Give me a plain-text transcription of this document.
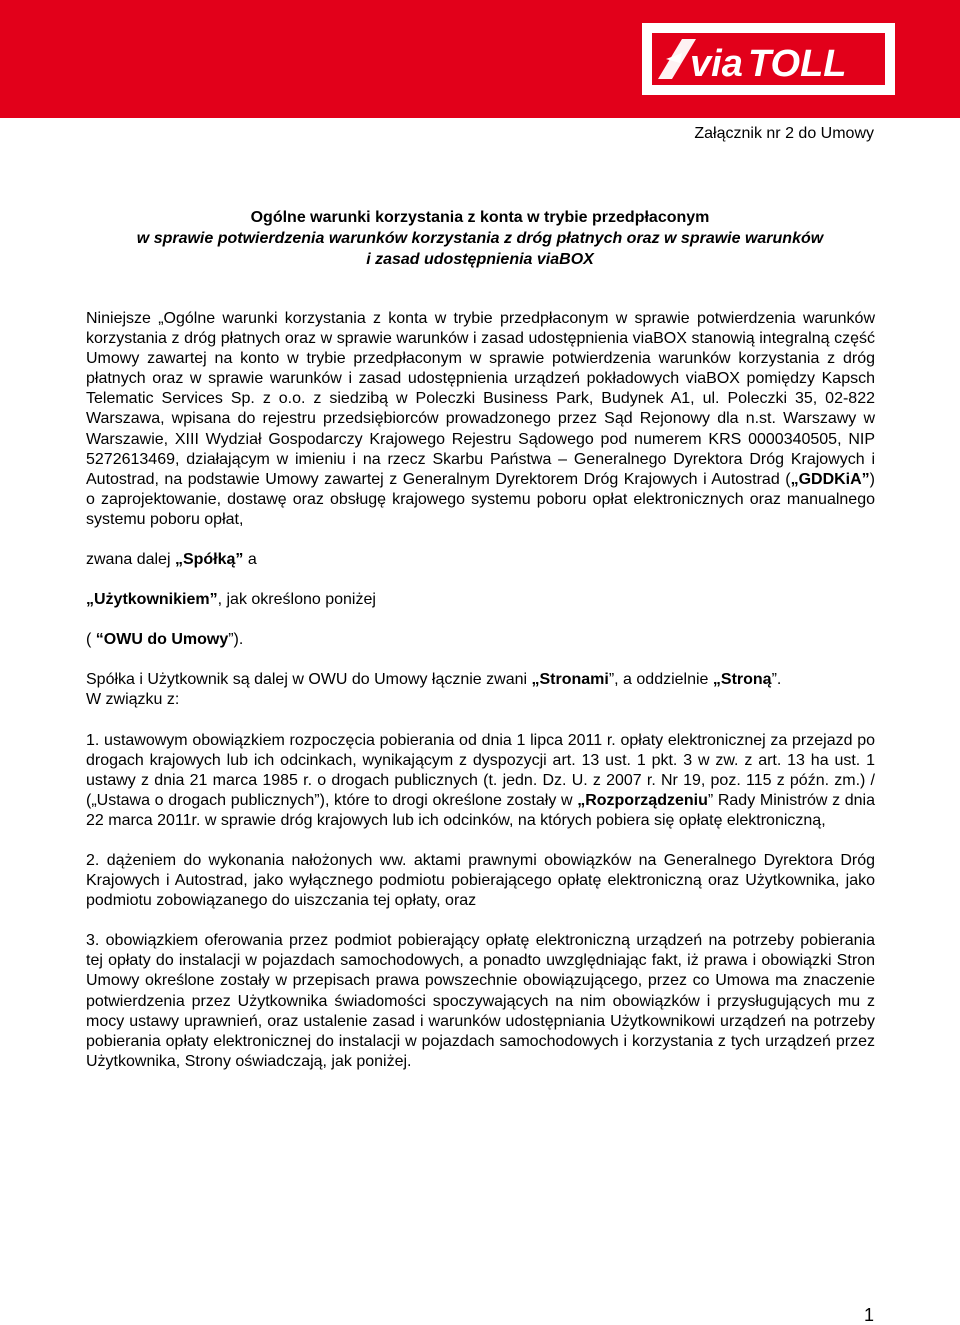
via TOLL
Załącznik nr 2 do Umowy
Ogólne warunki korzystania z konta w trybie przedpłaconym
w sprawie potwierdzenia warunków korzystania z dróg płatnych oraz w sprawie warunków
i zasad udostępnienia viaBOX

Niniejsze „Ogólne warunki korzystania z konta w trybie przedpłaconym w sprawie potwierdzenia warunków korzystania z dróg płatnych oraz w sprawie warunków i zasad udostępnienia viaBOX stanowią integralną część Umowy zawartej na konto w trybie przedpłaconym w sprawie potwierdzenia warunków korzystania z dróg płatnych oraz w sprawie warunków i zasad udostępnienia urządzeń pokładowych viaBOX pomiędzy Kapsch Telematic Services Sp. z o.o. z siedzibą w Poleczki Business Park, Budynek A1, ul. Poleczki 35, 02-822 Warszawa, wpisana do rejestru przedsiębiorców prowadzonego przez Sąd Rejonowy dla n.st. Warszawy w Warszawie, XIII Wydział Gospodarczy Krajowego Rejestru Sądowego pod numerem KRS 0000340505, NIP 5272613469, działającym w imieniu i na rzecz Skarbu Państwa – Generalnego Dyrektora Dróg Krajowych i Autostrad, na podstawie Umowy zawartej z Generalnym Dyrektorem Dróg Krajowych i Autostrad („GDDKiA”) o zaprojektowanie, dostawę oraz obsługę krajowego systemu poboru opłat elektronicznych oraz manualnego systemu poboru opłat,

zwana dalej „Spółką” a

„Użytkownikiem”, jak określono poniżej

( “OWU do Umowy”).

Spółka i Użytkownik są dalej w OWU do Umowy łącznie zwani „Stronami”, a oddzielnie „Stroną”.

W związku z:

1. ustawowym obowiązkiem rozpoczęcia pobierania od dnia 1 lipca 2011 r. opłaty elektronicznej za przejazd po drogach krajowych lub ich odcinkach, wynikającym z dyspozycji art. 13 ust. 1 pkt. 3 w zw. z art. 13 ha ust. 1 ustawy z dnia 21 marca 1985 r. o drogach publicznych (t. jedn. Dz. U. z 2007 r. Nr 19, poz. 115 z późn. zm.) / („Ustawa o drogach publicznych”), które to drogi określone zostały w „Rozporządzeniu” Rady Ministrów z dnia 22 marca 2011r. w sprawie dróg krajowych lub ich odcinków, na których pobiera się opłatę elektroniczną,

2. dążeniem do wykonania nałożonych ww. aktami prawnymi obowiązków na Generalnego Dyrektora Dróg Krajowych i Autostrad, jako wyłącznego podmiotu pobierającego opłatę elektroniczną oraz Użytkownika, jako podmiotu zobowiązanego do uiszczania tej opłaty, oraz

3. obowiązkiem oferowania przez podmiot pobierający opłatę elektroniczną urządzeń na potrzeby pobierania tej opłaty do instalacji w pojazdach samochodowych, a ponadto uwzględniając fakt, iż prawa i obowiązki Stron Umowy określone zostały w przepisach prawa powszechnie obowiązującego, przez co Umowa ma znaczenie potwierdzenia przez Użytkownika świadomości spoczywających na nim obowiązków i przysługujących mu z mocy ustawy uprawnień, oraz ustalenie zasad i warunków udostępniania Użytkownikowi urządzeń na potrzeby pobierania opłaty elektronicznej do instalacji w pojazdach samochodowych i korzystania z tych urządzeń przez Użytkownika, Strony oświadczają, jak poniżej.

1
